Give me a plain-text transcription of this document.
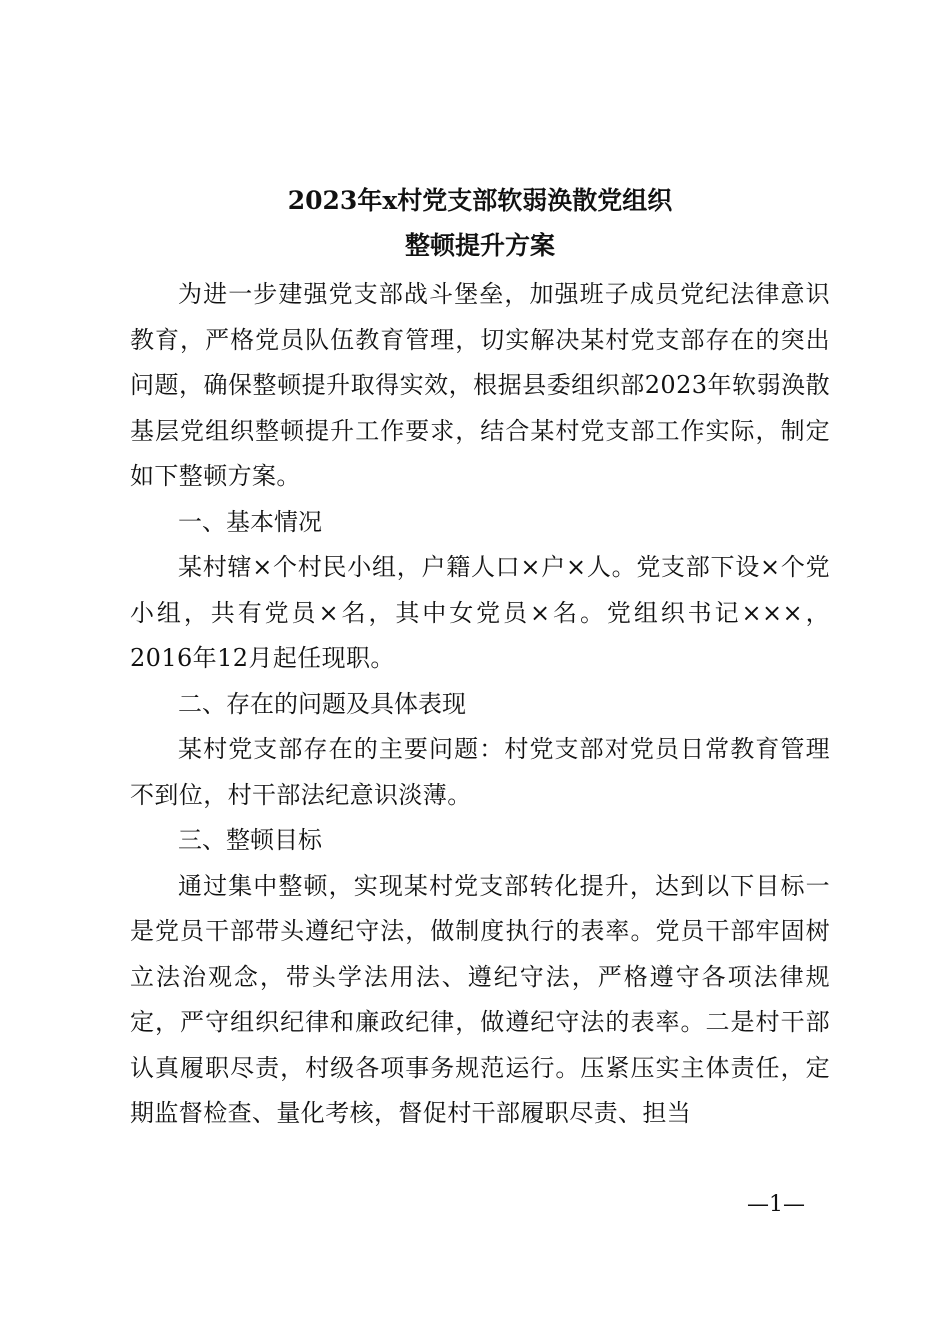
2023年x村党支部软弱涣散党组织
整顿提升方案

为进一步建强党支部战斗堡垒，加强班子成员党纪法律意识教育，严格党员队伍教育管理，切实解决某村党支部存在的突出问题，确保整顿提升取得实效，根据县委组织部2023年软弱涣散基层党组织整顿提升工作要求，结合某村党支部工作实际，制定如下整顿方案。

一、基本情况

某村辖×个村民小组，户籍人口×户×人。党支部下设×个党小组，共有党员×名，其中女党员×名。党组织书记×××，2016年12月起任现职。

二、存在的问题及具体表现

某村党支部存在的主要问题：村党支部对党员日常教育管理不到位，村干部法纪意识淡薄。

三、整顿目标

通过集中整顿，实现某村党支部转化提升，达到以下目标一是党员干部带头遵纪守法，做制度执行的表率。党员干部牢固树立法治观念，带头学法用法、遵纪守法，严格遵守各项法律规定，严守组织纪律和廉政纪律，做遵纪守法的表率。二是村干部认真履职尽责，村级各项事务规范运行。压紧压实主体责任，定期监督检查、量化考核，督促村干部履职尽责、担当

—1—
